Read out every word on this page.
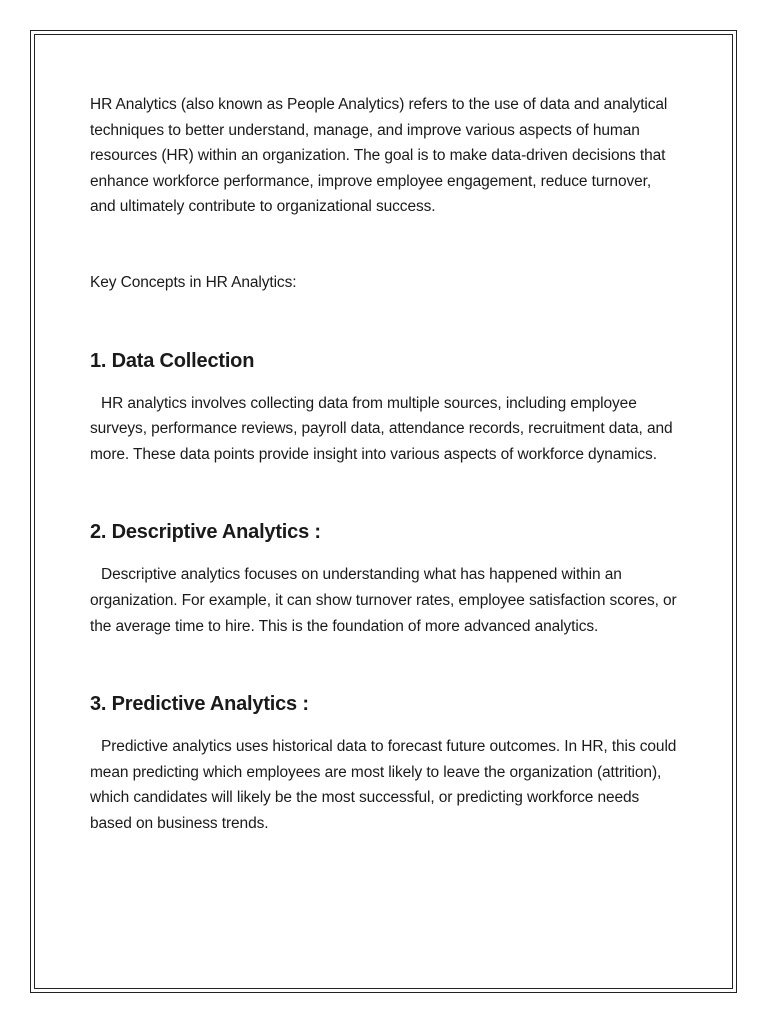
HR Analytics (also known as People Analytics) refers to the use of data and analytical techniques to better understand, manage, and improve various aspects of human resources (HR) within an organization. The goal is to make data-driven decisions that enhance workforce performance, improve employee engagement, reduce turnover, and ultimately contribute to organizational success.

Key Concepts in HR Analytics:

1. Data Collection

HR analytics involves collecting data from multiple sources, including employee surveys, performance reviews, payroll data, attendance records, recruitment data, and more. These data points provide insight into various aspects of workforce dynamics.

2. Descriptive Analytics :

Descriptive analytics focuses on understanding what has happened within an organization. For example, it can show turnover rates, employee satisfaction scores, or the average time to hire. This is the foundation of more advanced analytics.

3. Predictive Analytics :

Predictive analytics uses historical data to forecast future outcomes. In HR, this could mean predicting which employees are most likely to leave the organization (attrition), which candidates will likely be the most successful, or predicting workforce needs based on business trends.
